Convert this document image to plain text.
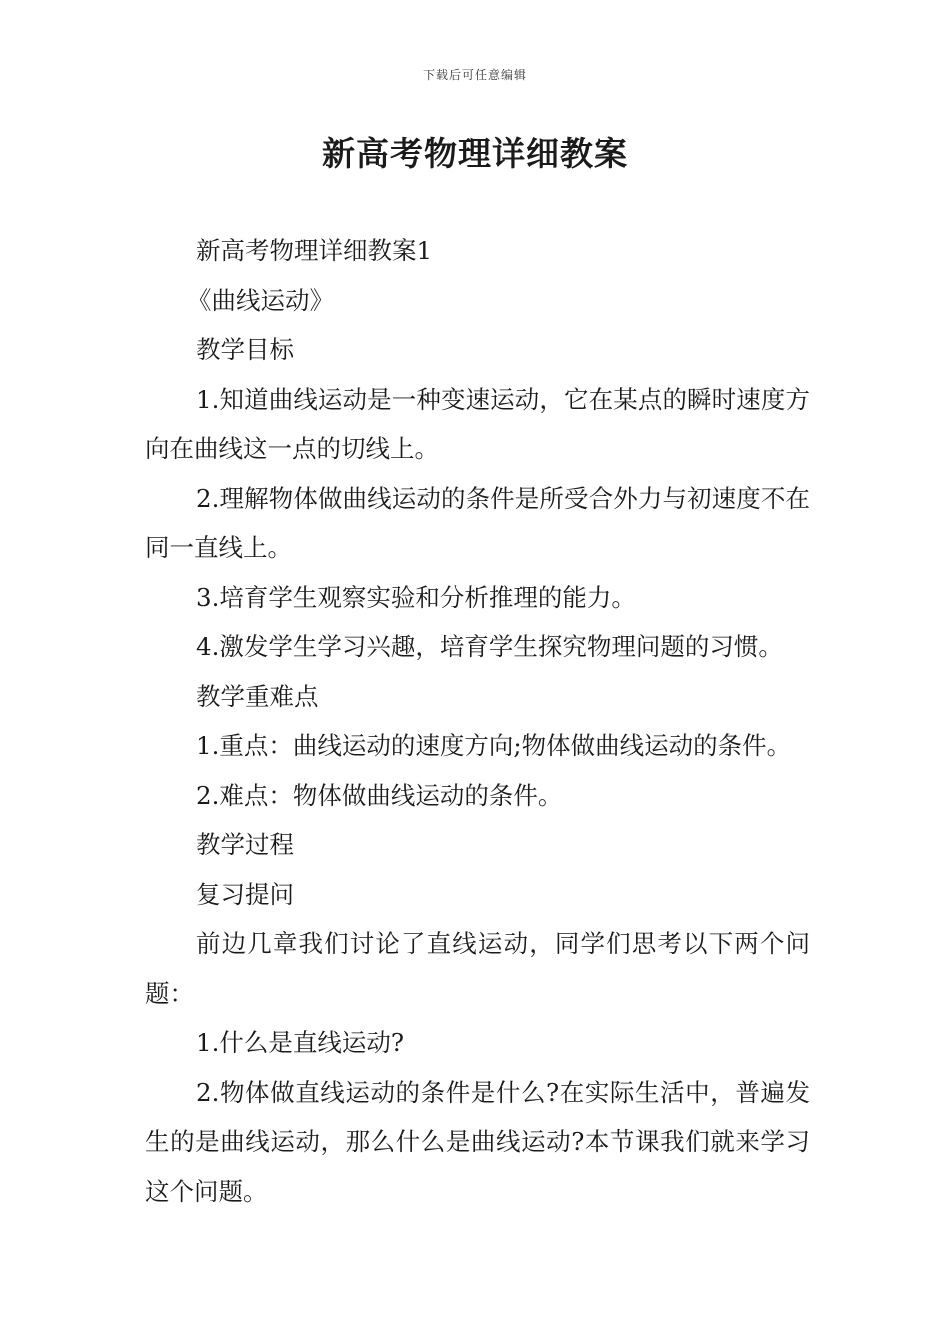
下载后可任意编辑
新高考物理详细教案

新高考物理详细教案1

《曲线运动》

教学目标

1.知道曲线运动是一种变速运动，它在某点的瞬时速度方向在曲线这一点的切线上。

2.理解物体做曲线运动的条件是所受合外力与初速度不在同一直线上。

3.培育学生观察实验和分析推理的能力。

4.激发学生学习兴趣，培育学生探究物理问题的习惯。

教学重难点

1.重点：曲线运动的速度方向;物体做曲线运动的条件。

2.难点：物体做曲线运动的条件。

教学过程

复习提问

前边几章我们讨论了直线运动，同学们思考以下两个问题：

1.什么是直线运动?

2.物体做直线运动的条件是什么?在实际生活中，普遍发生的是曲线运动，那么什么是曲线运动?本节课我们就来学习这个问题。
